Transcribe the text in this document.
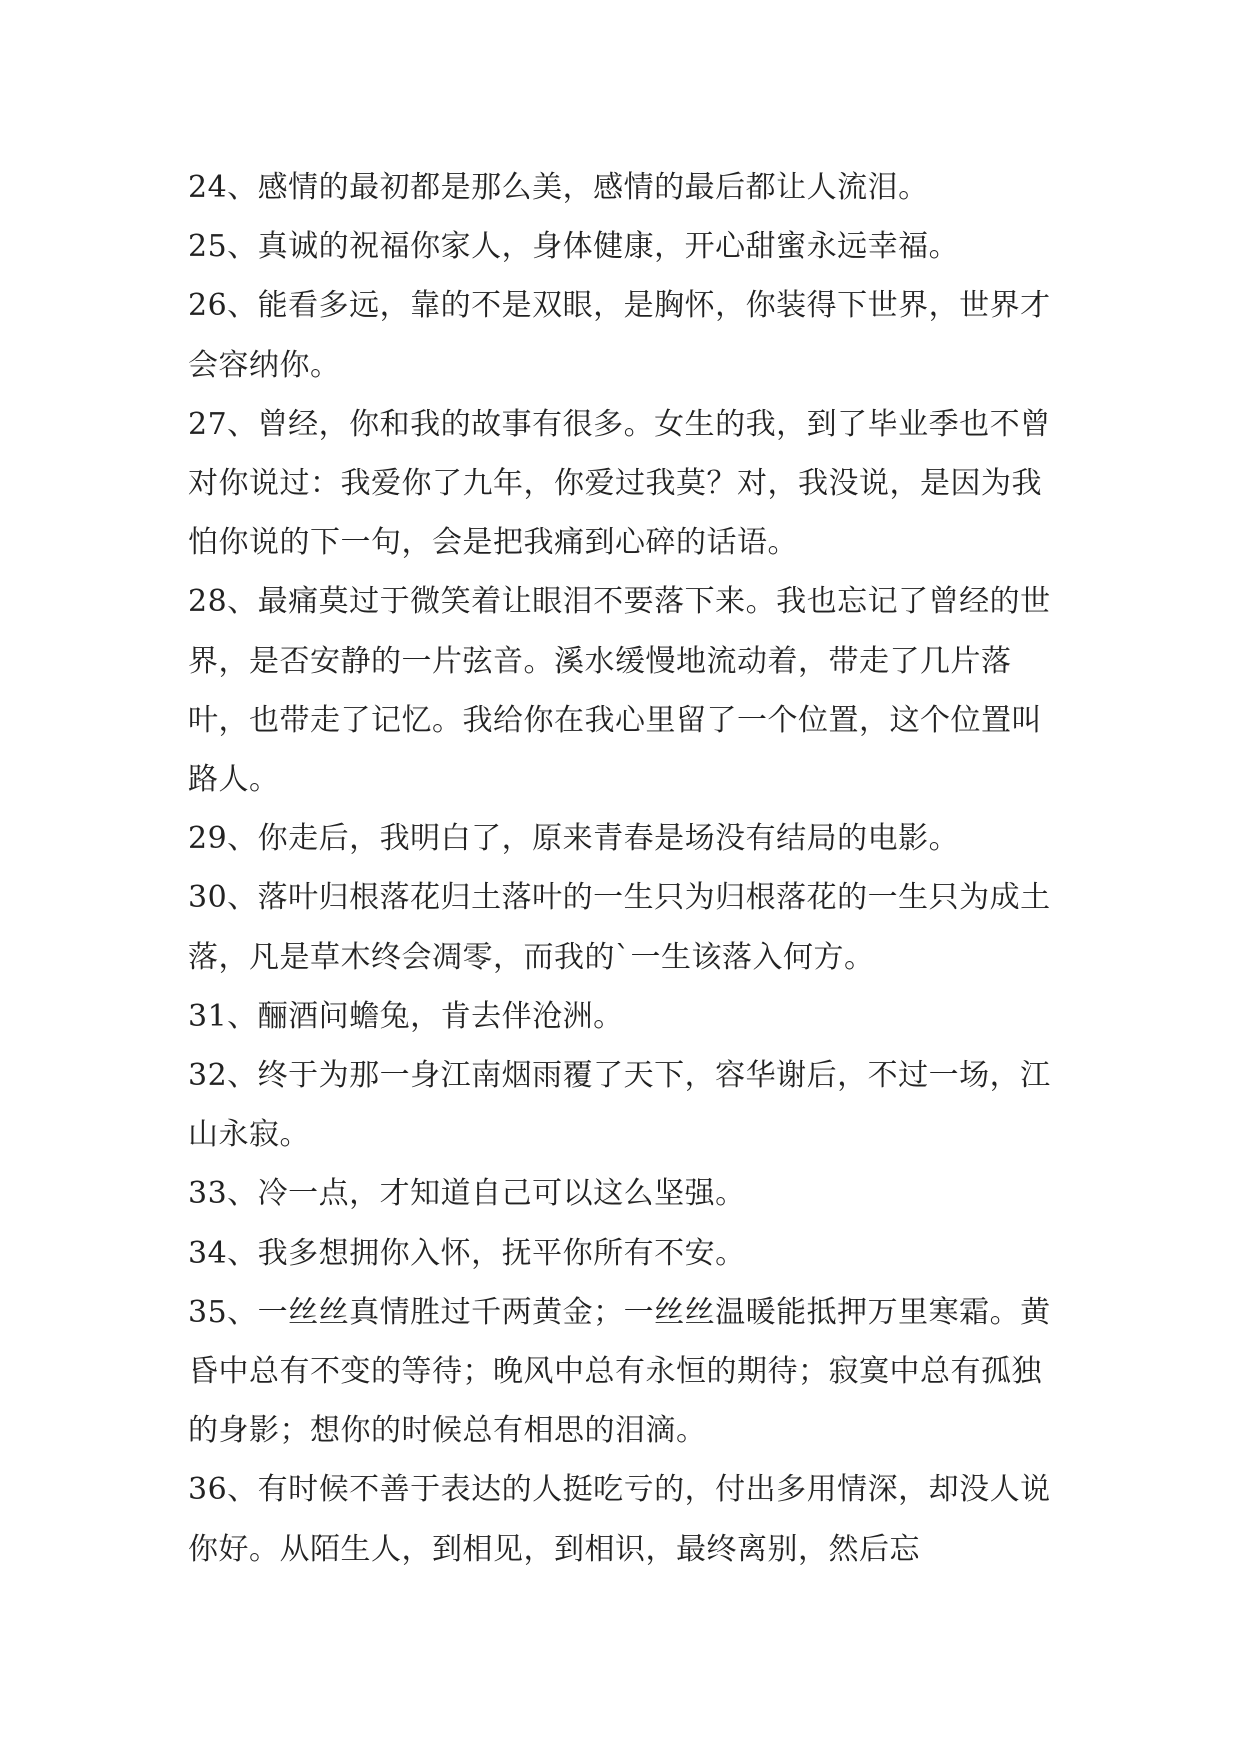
24、感情的最初都是那么美，感情的最后都让人流泪。

25、真诚的祝福你家人，身体健康，开心甜蜜永远幸福。

26、能看多远，靠的不是双眼，是胸怀，你装得下世界，世界才会容纳你。

27、曾经，你和我的故事有很多。女生的我，到了毕业季也不曾对你说过：我爱你了九年，你爱过我莫？对，我没说，是因为我怕你说的下一句，会是把我痛到心碎的话语。

28、最痛莫过于微笑着让眼泪不要落下来。我也忘记了曾经的世界，是否安静的一片弦音。溪水缓慢地流动着，带走了几片落叶，也带走了记忆。我给你在我心里留了一个位置，这个位置叫路人。

29、你走后，我明白了，原来青春是场没有结局的电影。

30、落叶归根落花归土落叶的一生只为归根落花的一生只为成土落，凡是草木终会凋零，而我的`一生该落入何方。

31、酾酒问蟾兔，肯去伴沧洲。

32、终于为那一身江南烟雨覆了天下，容华谢后，不过一场，江山永寂。

33、冷一点，才知道自己可以这么坚强。

34、我多想拥你入怀，抚平你所有不安。

35、一丝丝真情胜过千两黄金；一丝丝温暖能抵押万里寒霜。黄昏中总有不变的等待；晚风中总有永恒的期待；寂寞中总有孤独的身影；想你的时候总有相思的泪滴。

36、有时候不善于表达的人挺吃亏的，付出多用情深，却没人说你好。从陌生人，到相见，到相识，最终离别，然后忘
